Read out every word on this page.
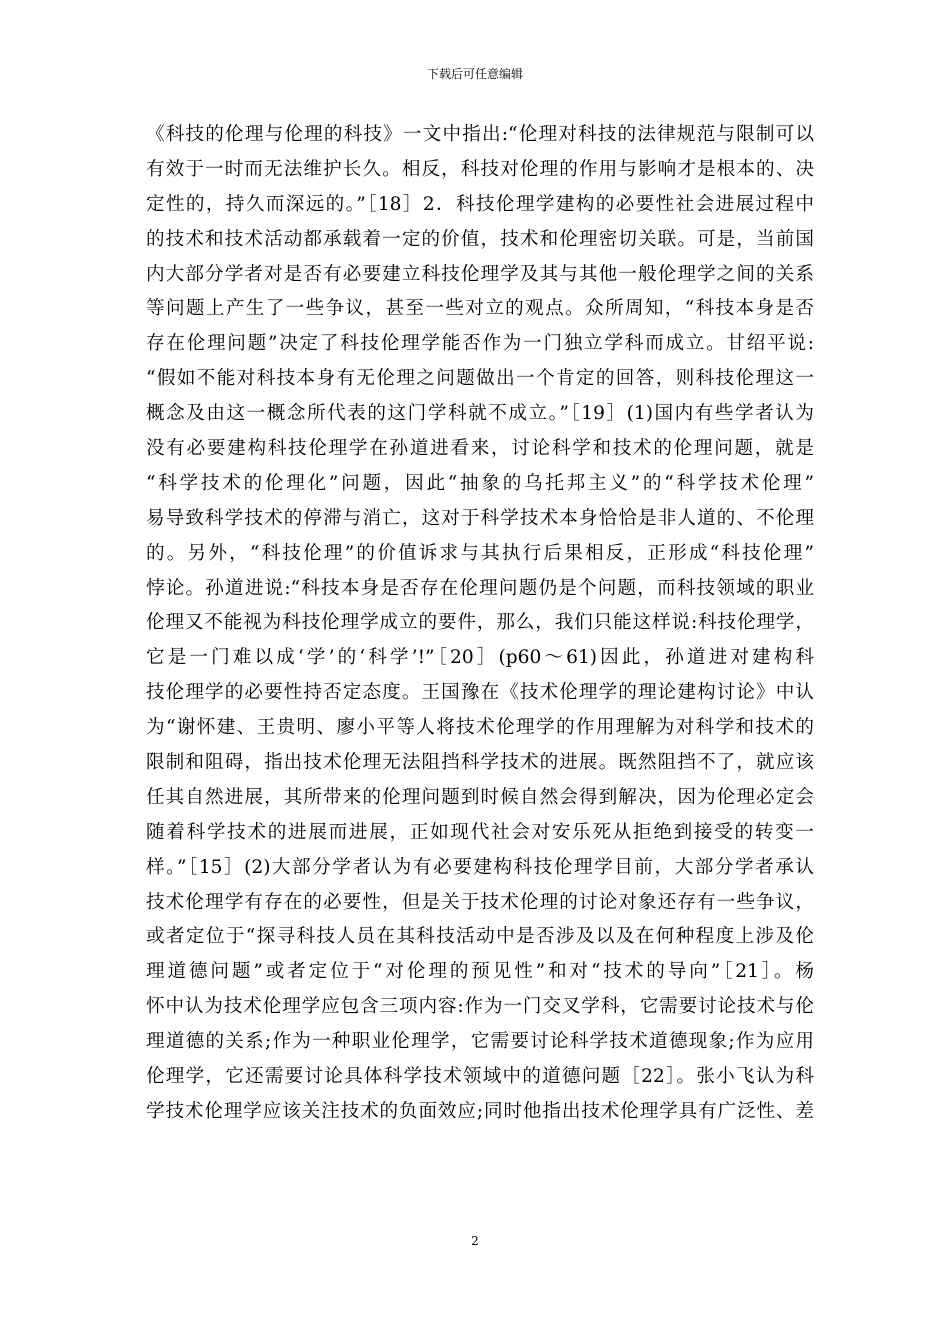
下载后可任意编辑
《科技的伦理与伦理的科技》一文中指出:“伦理对科技的法律规范与限制可以
有效于一时而无法维护长久。相反，科技对伦理的作用与影响才是根本的、决
定性的，持久而深远的。”［18］2．科技伦理学建构的必要性社会进展过程中
的技术和技术活动都承载着一定的价值，技术和伦理密切关联。可是，当前国
内大部分学者对是否有必要建立科技伦理学及其与其他一般伦理学之间的关系
等问题上产生了一些争议，甚至一些对立的观点。众所周知，“科技本身是否
存在伦理问题”决定了科技伦理学能否作为一门独立学科而成立。甘绍平说:
“假如不能对科技本身有无伦理之问题做出一个肯定的回答，则科技伦理这一
概念及由这一概念所代表的这门学科就不成立。”［19］(1)国内有些学者认为
没有必要建构科技伦理学在孙道进看来，讨论科学和技术的伦理问题，就是
“科学技术的伦理化”问题，因此“抽象的乌托邦主义”的“科学技术伦理”
易导致科学技术的停滞与消亡，这对于科学技术本身恰恰是非人道的、不伦理
的。另外，“科技伦理”的价值诉求与其执行后果相反，正形成“科技伦理”
悖论。孙道进说:“科技本身是否存在伦理问题仍是个问题，而科技领域的职业
伦理又不能视为科技伦理学成立的要件，那么，我们只能这样说:科技伦理学，
它是一门难以成‘学’的‘科学’!”［20］(p60～61)因此，孙道进对建构科
技伦理学的必要性持否定态度。王国豫在《技术伦理学的理论建构讨论》中认
为“谢怀建、王贵明、廖小平等人将技术伦理学的作用理解为对科学和技术的
限制和阻碍，指出技术伦理无法阻挡科学技术的进展。既然阻挡不了，就应该
任其自然进展，其所带来的伦理问题到时候自然会得到解决，因为伦理必定会
随着科学技术的进展而进展，正如现代社会对安乐死从拒绝到接受的转变一
样。”［15］(2)大部分学者认为有必要建构科技伦理学目前，大部分学者承认
技术伦理学有存在的必要性，但是关于技术伦理的讨论对象还存有一些争议，
或者定位于“探寻科技人员在其科技活动中是否涉及以及在何种程度上涉及伦
理道德问题”或者定位于“对伦理的预见性”和对“技术的导向”［21］。杨
怀中认为技术伦理学应包含三项内容:作为一门交叉学科，它需要讨论技术与伦
理道德的关系;作为一种职业伦理学，它需要讨论科学技术道德现象;作为应用
伦理学，它还需要讨论具体科学技术领域中的道德问题［22］。张小飞认为科
学技术伦理学应该关注技术的负面效应;同时他指出技术伦理学具有广泛性、差
2
